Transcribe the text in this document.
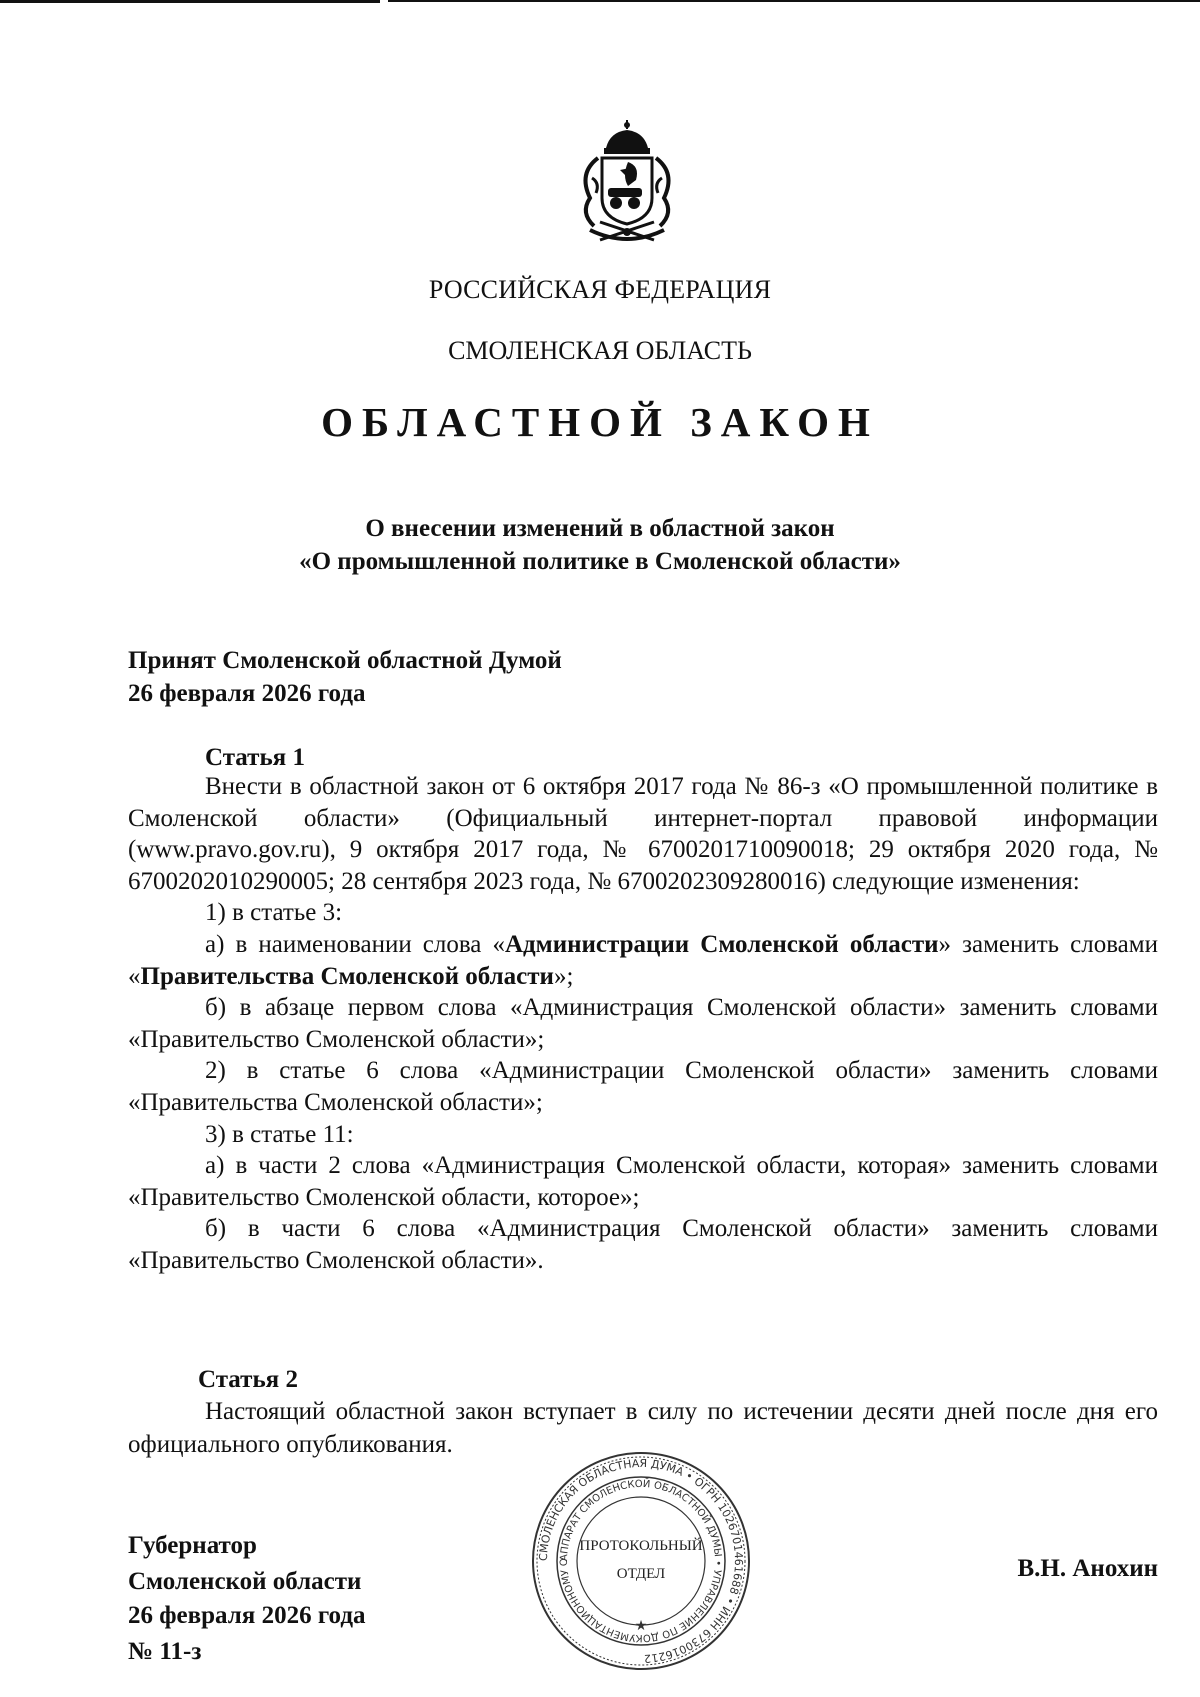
РОССИЙСКАЯ ФЕДЕРАЦИЯ
СМОЛЕНСКАЯ ОБЛАСТЬ
ОБЛАСТНОЙ ЗАКОН
О внесении изменений в областной закон
«О промышленной политике в Смоленской области»
Принят Смоленской областной Думой
26 февраля 2026 года
Статья 1

Внести в областной закон от 6 октября 2017 года № 86-з «О промышленной политике в Смоленской области» (Официальный интернет-портал правовой информации (www.pravo.gov.ru), 9 октября 2017 года, № 6700201710090018; 29 октября 2020 года, № 6700202010290005; 28 сентября 2023 года, № 6700202309280016) следующие изменения:

1) в статье 3:

а) в наименовании слова «Администрации Смоленской области» заменить словами «Правительства Смоленской области»;

б) в абзаце первом слова «Администрация Смоленской области» заменить словами «Правительство Смоленской области»;

2) в статье 6 слова «Администрации Смоленской области» заменить словами «Правительства Смоленской области»;

3) в статье 11:

а) в части 2 слова «Администрация Смоленской области, которая» заменить словами «Правительство Смоленской области, которое»;

б) в части 6 слова «Администрация Смоленской области» заменить словами «Правительство Смоленской области».

Статья 2

Настоящий областной закон вступает в силу по истечении десяти дней после дня его официального опубликования.

Губернатор
Смоленской области	В.Н. Анохин
26 февраля 2026 года
№ 11-з
СМОЛЕНСКАЯ ОБЛАСТНАЯ ДУМА • ОГРН 1026701461688 • ИНН 6730016212
АППАРАТ СМОЛЕНСКОЙ ОБЛАСТНОЙ ДУМЫ • УПРАВЛЕНИЕ ПО ДОКУМЕНТАЦИОННОМУ О
★
ПРОТОКОЛЬНЫЙ
ОТДЕЛ
